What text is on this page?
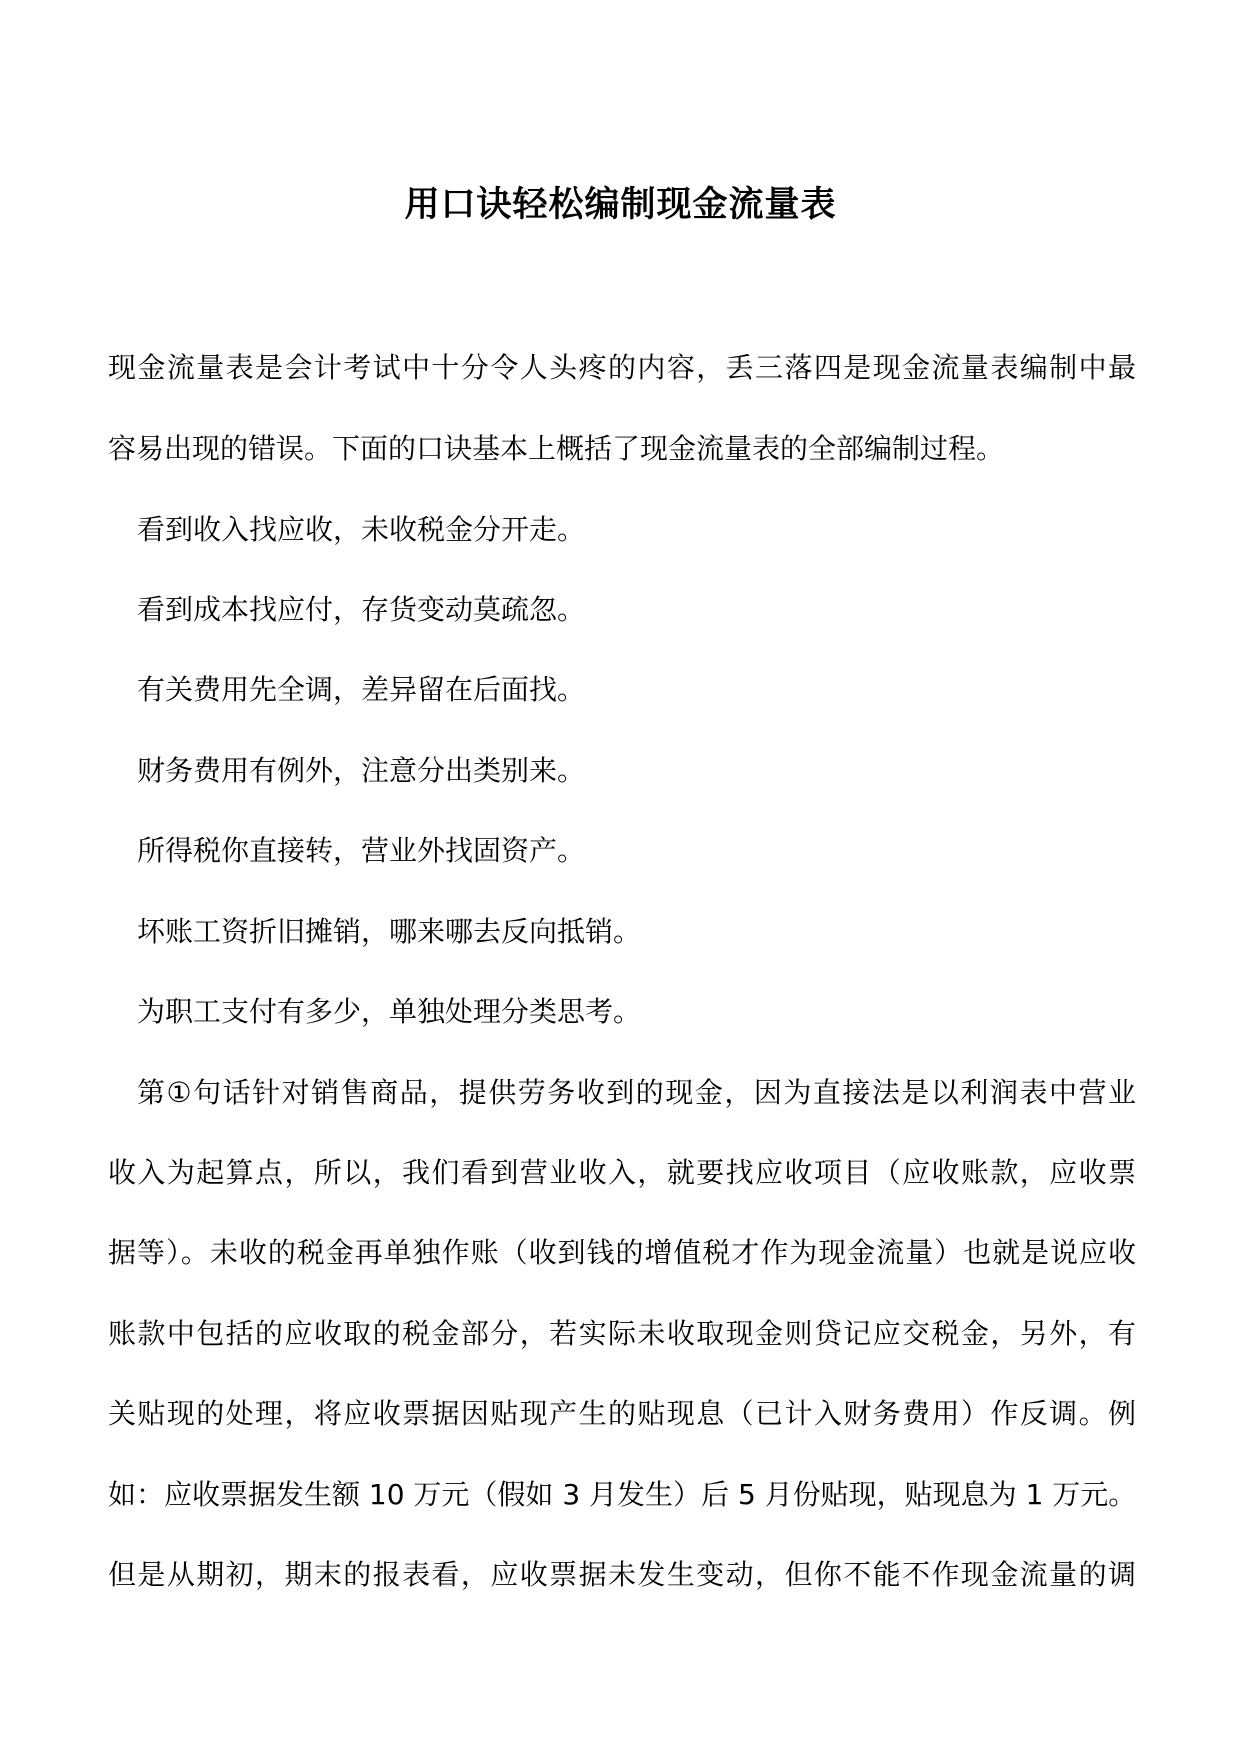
用口诀轻松编制现金流量表

现金流量表是会计考试中十分令人头疼的内容，丢三落四是现金流量表编制中最

容易出现的错误。下面的口诀基本上概括了现金流量表的全部编制过程。

看到收入找应收，未收税金分开走。

看到成本找应付，存货变动莫疏忽。

有关费用先全调，差异留在后面找。

财务费用有例外，注意分出类别来。

所得税你直接转，营业外找固资产。

坏账工资折旧摊销，哪来哪去反向抵销。

为职工支付有多少，单独处理分类思考。

第①句话针对销售商品，提供劳务收到的现金，因为直接法是以利润表中营业

收入为起算点，所以，我们看到营业收入，就要找应收项目（应收账款，应收票

据等）。未收的税金再单独作账（收到钱的增值税才作为现金流量）也就是说应收

账款中包括的应收取的税金部分，若实际未收取现金则贷记应交税金，另外，有

关贴现的处理，将应收票据因贴现产生的贴现息（已计入财务费用）作反调。例

如：应收票据发生额 10 万元（假如 3 月发生）后 5 月份贴现，贴现息为 1 万元。

但是从期初，期末的报表看，应收票据未发生变动，但你不能不作现金流量的调
